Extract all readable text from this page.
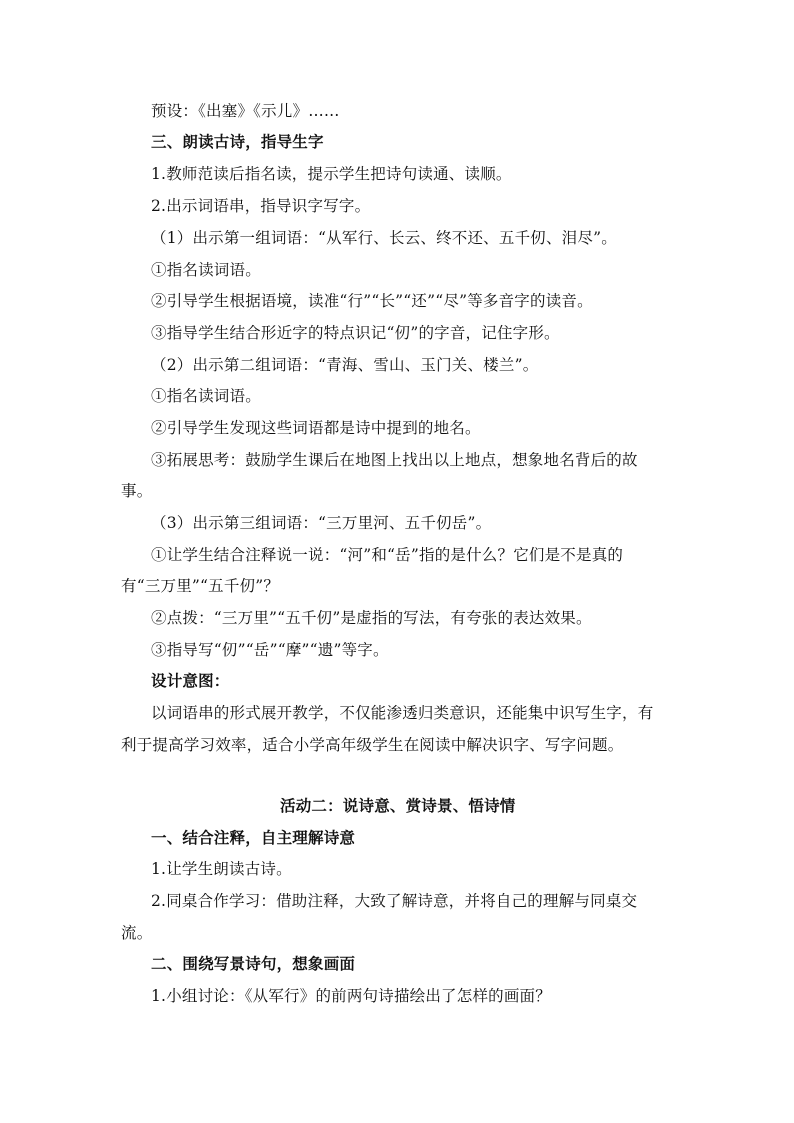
预设：《出塞》《示儿》……
三、朗读古诗，指导生字
1.教师范读后指名读，提示学生把诗句读通、读顺。
2.出示词语串，指导识字写字。
（1）出示第一组词语：“从军行、长云、终不还、五千仞、泪尽”。
①指名读词语。
②引导学生根据语境，读准“行”“长”“还”“尽”等多音字的读音。
③指导学生结合形近字的特点识记“仞”的字音，记住字形。
（2）出示第二组词语：“青海、雪山、玉门关、楼兰”。
①指名读词语。
②引导学生发现这些词语都是诗中提到的地名。
③拓展思考：鼓励学生课后在地图上找出以上地点，想象地名背后的故
事。
（3）出示第三组词语：“三万里河、五千仞岳”。
①让学生结合注释说一说：“河”和“岳”指的是什么？它们是不是真的
有“三万里”“五千仞”？
②点拨：“三万里”“五千仞”是虚指的写法，有夸张的表达效果。
③指导写“仞”“岳”“摩”“遗”等字。
设计意图：
以词语串的形式展开教学，不仅能渗透归类意识，还能集中识写生字，有
利于提高学习效率，适合小学高年级学生在阅读中解决识字、写字问题。
活动二：说诗意、赏诗景、悟诗情
一、结合注释，自主理解诗意
1.让学生朗读古诗。
2.同桌合作学习：借助注释，大致了解诗意，并将自己的理解与同桌交
流。
二、围绕写景诗句，想象画面
1.小组讨论：《从军行》的前两句诗描绘出了怎样的画面？
